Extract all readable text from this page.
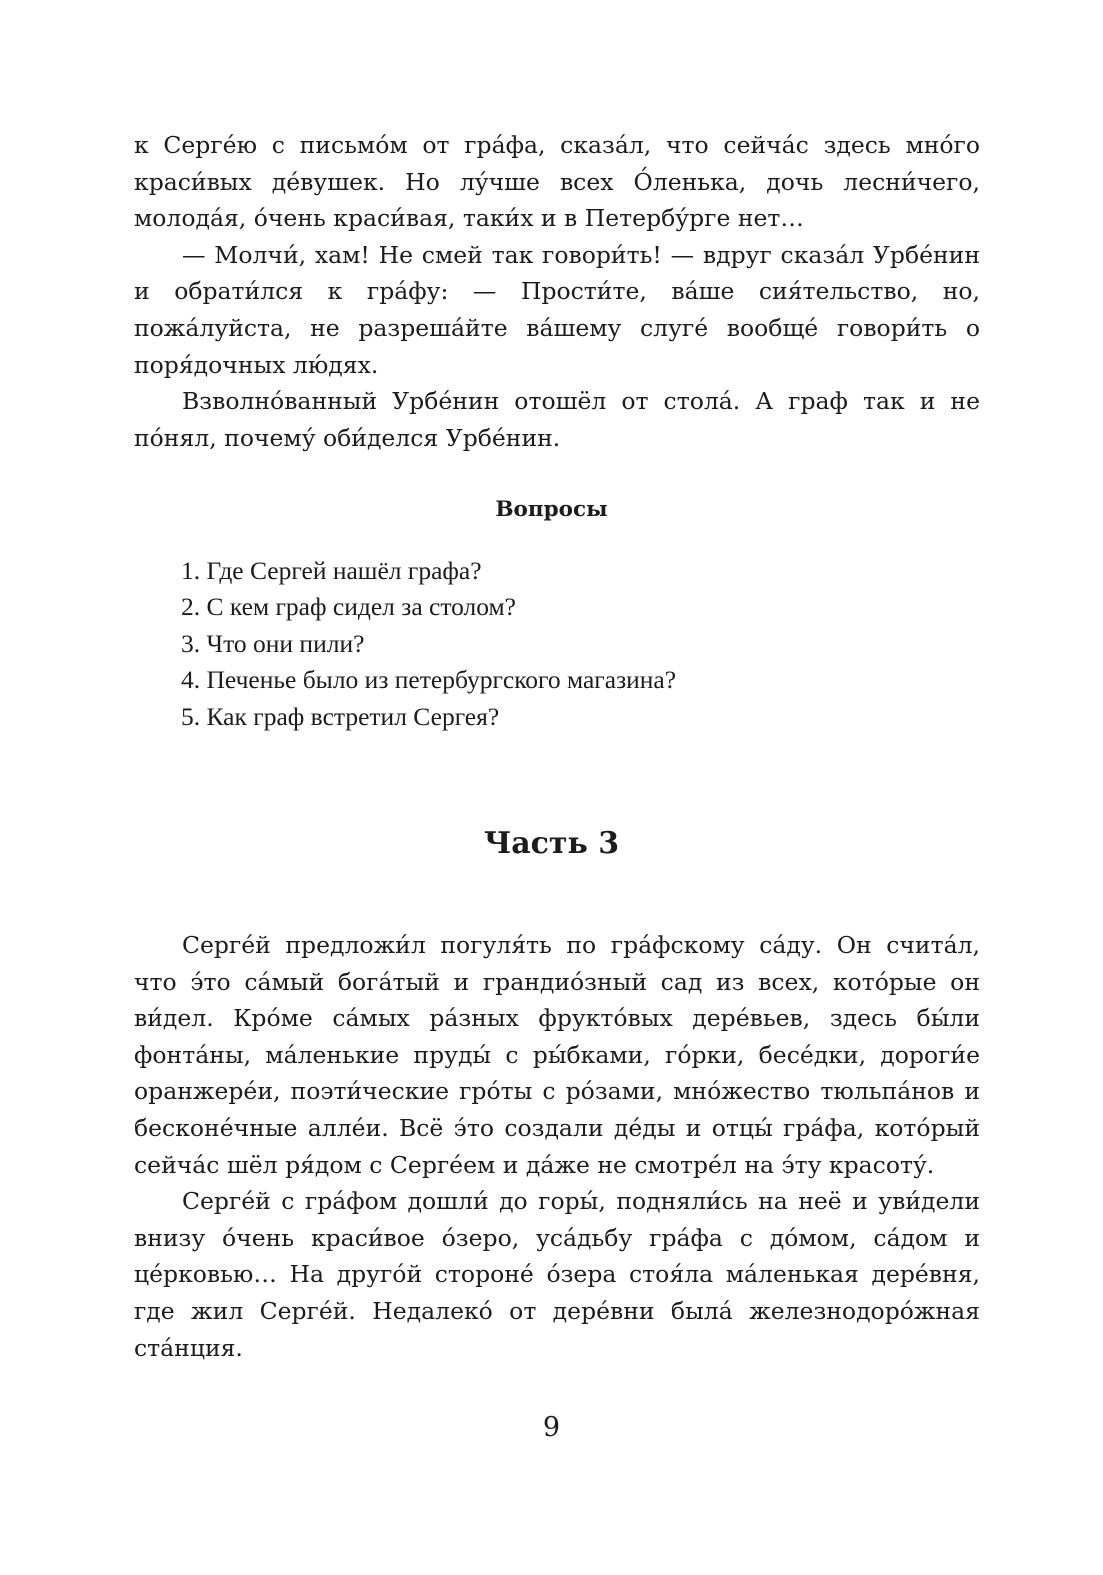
к Серге́ю с письмо́м от гра́фа, сказа́л, что сейча́с здесь мно́го краси́вых де́вушек. Но лу́чше всех О́ленька, дочь лесни́чего, молода́я, о́чень краси́вая, таки́х и в Петербу́рге нет…

— Молчи́, хам! Не смей так говори́ть! — вдруг сказа́л Урбе́нин и обрати́лся к гра́фу: — Прости́те, ва́ше сия́тельство, но, пожа́луйста, не разреша́йте ва́шему слуге́ вообще́ говори́ть о поря́дочных лю́дях.

Взволно́ванный Урбе́нин отошёл от стола́. А граф так и не по́нял, почему́ оби́делся Урбе́нин.

Вопросы
1. Где Сергей нашёл графа?
2. С кем граф сидел за столом?
3. Что они пили?
4. Печенье было из петербургского магазина?
5. Как граф встретил Сергея?
Часть 3

Серге́й предложи́л погуля́ть по гра́фскому са́ду. Он счита́л, что э́то са́мый бога́тый и грандио́зный сад из всех, кото́рые он ви́дел. Кро́ме са́мых ра́зных фрукто́вых дере́вьев, здесь бы́ли фонта́ны, ма́ленькие пруды́ с ры́бками, го́рки, бесе́дки, дороги́е оранжере́и, поэти́ческие гро́ты с ро́зами, мно́жество тюльпа́нов и бесконе́чные алле́и. Всё э́то создали де́ды и отцы́ гра́фа, кото́рый сейча́с шёл ря́дом с Серге́ем и да́же не смотре́л на э́ту красоту́.

Серге́й с гра́фом дошли́ до горы́, подняли́сь на неё и уви́дели внизу о́чень краси́вое о́зеро, уса́дьбу гра́фа с до́мом, са́дом и це́рковью… На друго́й стороне́ о́зера стоя́ла ма́ленькая дере́вня, где жил Серге́й. Недалеко́ от дере́вни была́ железнодоро́жная ста́нция.

9
